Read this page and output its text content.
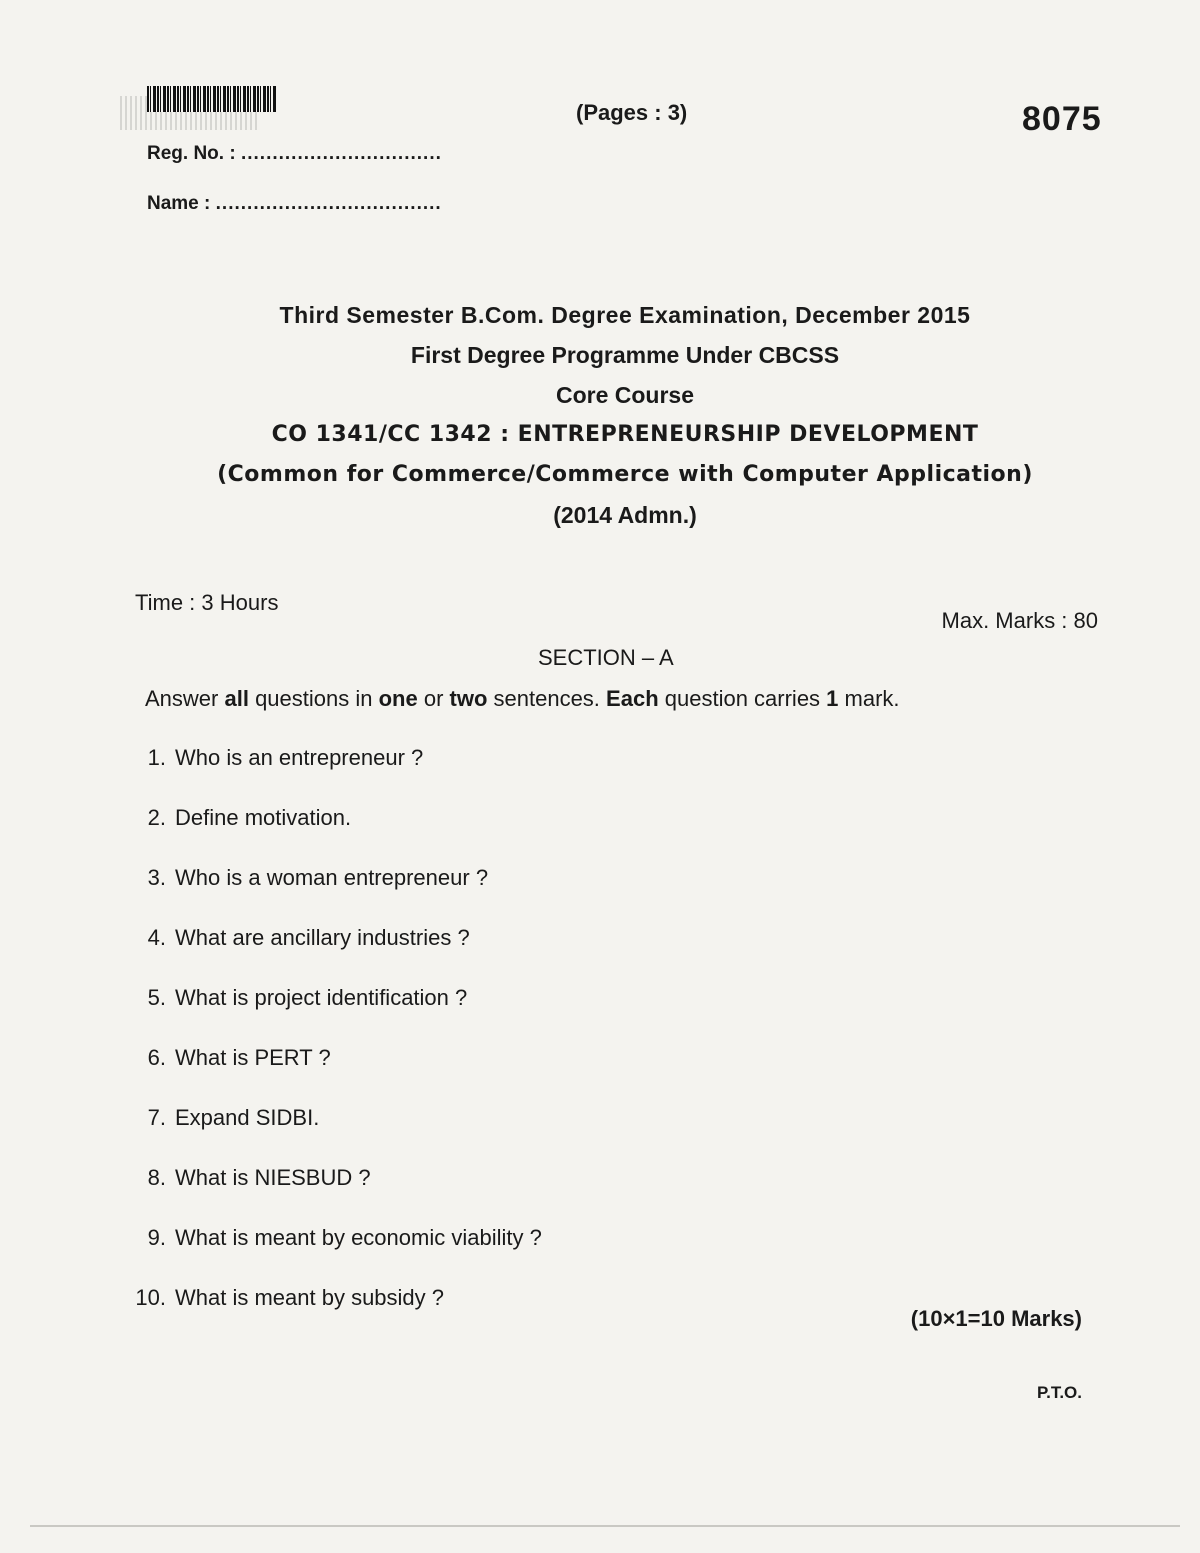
Reg. No. : ................................
Name : ....................................
(Pages : 3)	8075
Third Semester B.Com. Degree Examination, December 2015
First Degree Programme Under CBCSS
Core Course
CO 1341/CC 1342 : ENTREPRENEURSHIP DEVELOPMENT
(Common for Commerce/Commerce with Computer Application)
(2014 Admn.)
Time : 3 Hours
Max. Marks : 80
SECTION – A
Answer all questions in one or two sentences. Each question carries 1 mark.
1. Who is an entrepreneur ?
2. Define motivation.
3. Who is a woman entrepreneur ?
4. What are ancillary industries ?
5. What is project identification ?
6. What is PERT ?
7. Expand SIDBI.
8. What is NIESBUD ?
9. What is meant by economic viability ?
10. What is meant by subsidy ?
(10×1=10 Marks)
P.T.O.
